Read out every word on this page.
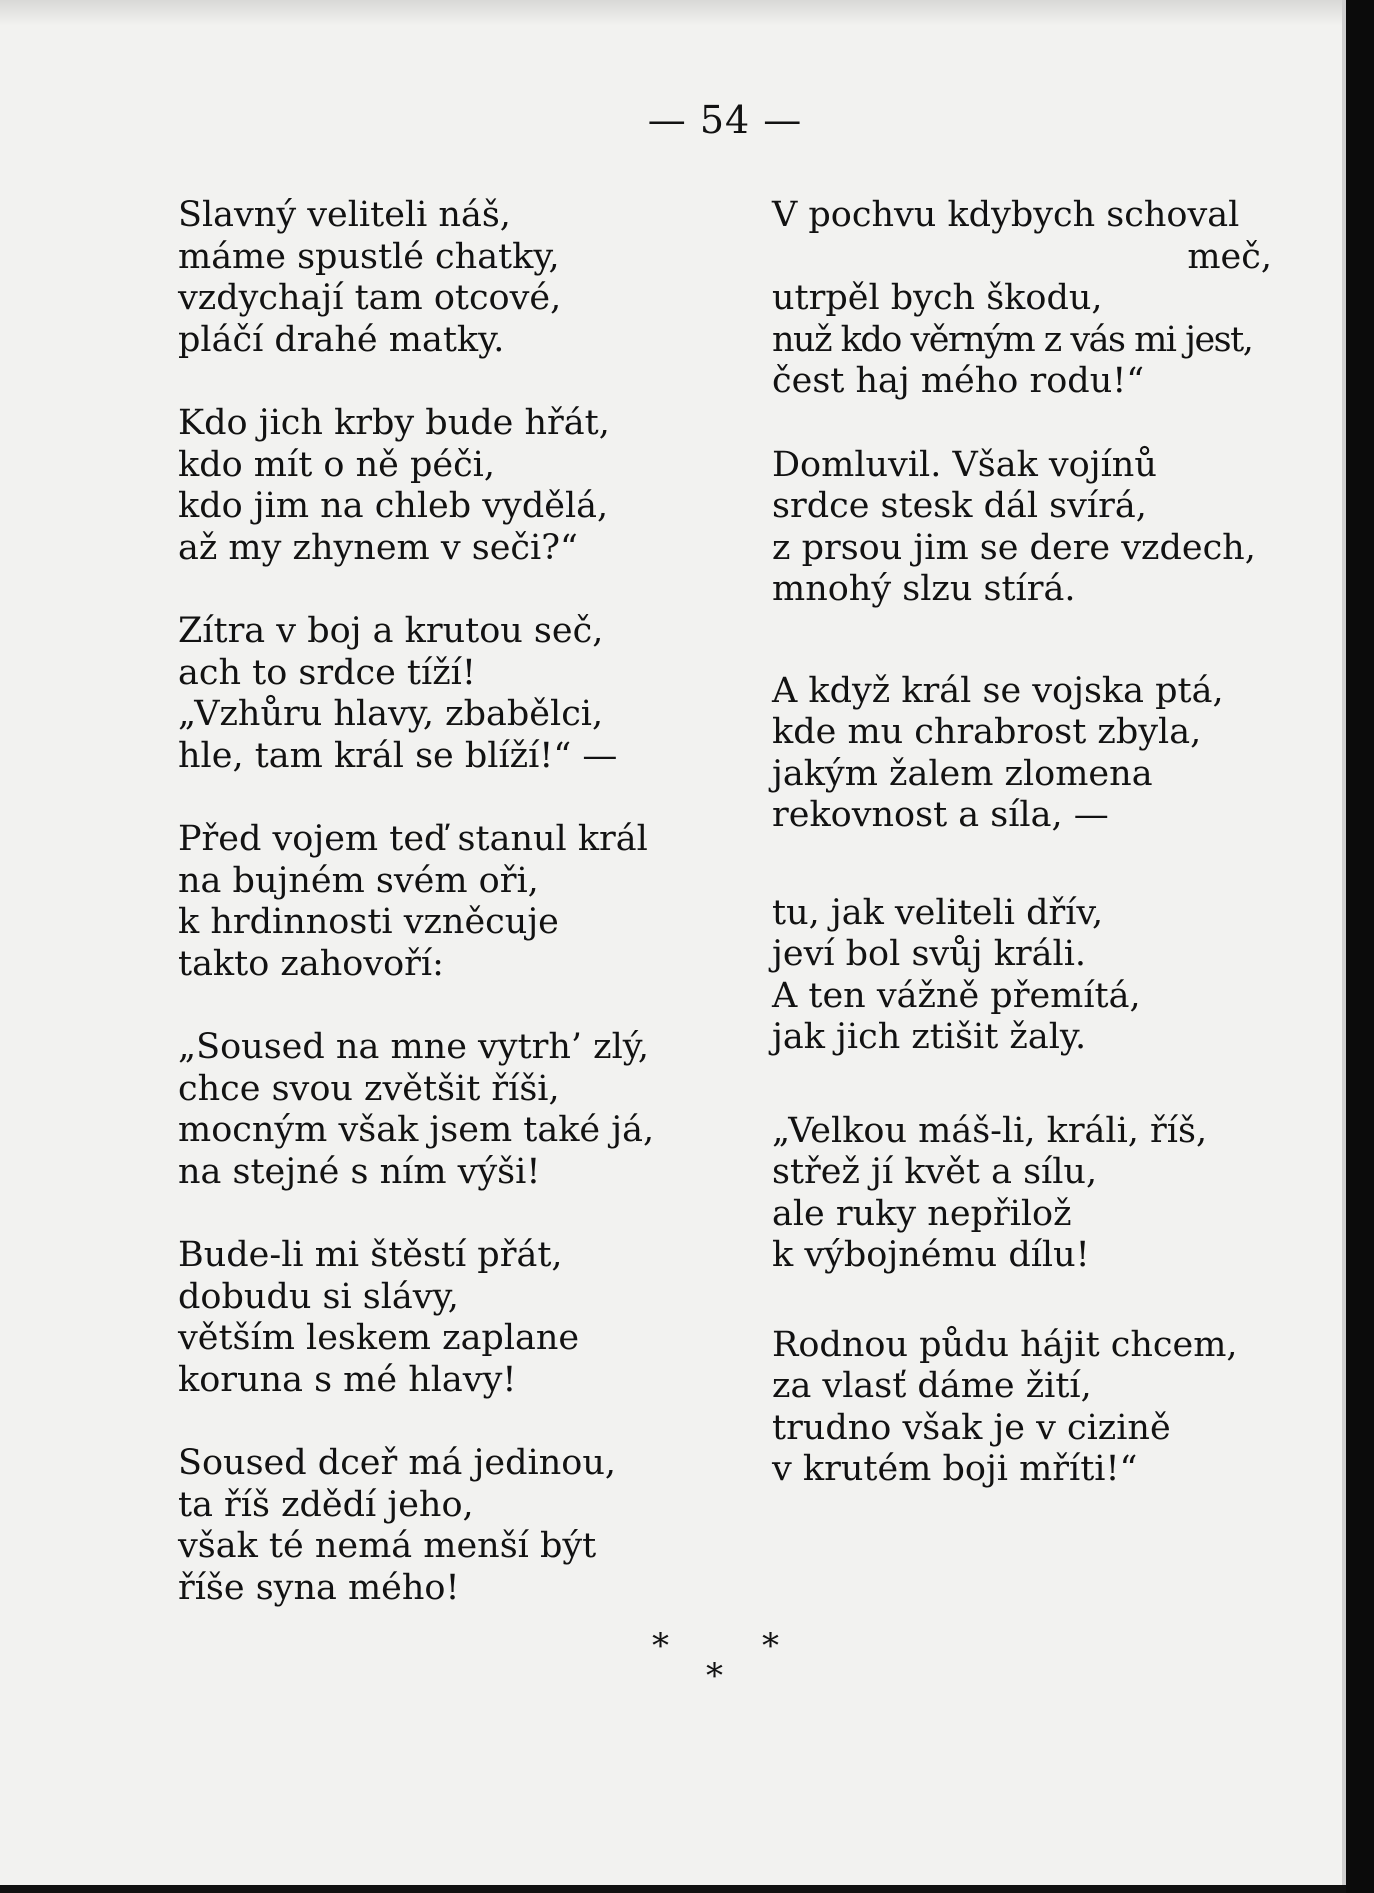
— 54 —
Slavný veliteli náš,
máme spustlé chatky,
vzdychají tam otcové,
pláčí drahé matky.
Kdo jich krby bude hřát,
kdo mít o ně péči,
kdo jim na chleb vydělá,
až my zhynem v seči?“
Zítra v boj a krutou seč,
ach to srdce tíží!
„Vzhůru hlavy, zbabělci,
hle, tam král se blíží!“ —
Před vojem teď stanul král
na bujném svém oři,
k hrdinnosti vzněcuje
takto zahovoří:
„Soused na mne vytrh’ zlý,
chce svou zvětšit říši,
mocným však jsem také já,
na stejné s ním výši!
Bude-li mi štěstí přát,
dobudu si slávy,
větším leskem zaplane
koruna s mé hlavy!
Soused dceř má jedinou,
ta říš zdědí jeho,
však té nemá menší být
říše syna mého!
V pochvu kdybych schoval
meč,
utrpěl bych škodu,
nuž kdo věrným z vás mi jest,
čest haj mého rodu!“
Domluvil. Však vojínů
srdce stesk dál svírá,
z prsou jim se dere vzdech,
mnohý slzu stírá.
A když král se vojska ptá,
kde mu chrabrost zbyla,
jakým žalem zlomena
rekovnost a síla, —
tu, jak veliteli dřív,
jeví bol svůj králi.
A ten vážně přemítá,
jak jich ztišit žaly.
„Velkou máš-li, králi, říš,
střež jí květ a sílu,
ale ruky nepřilož
k výbojnému dílu!
Rodnou půdu hájit chcem,
za vlasť dáme žití,
trudno však je v cizině
v krutém boji mříti!“
*
*
*
